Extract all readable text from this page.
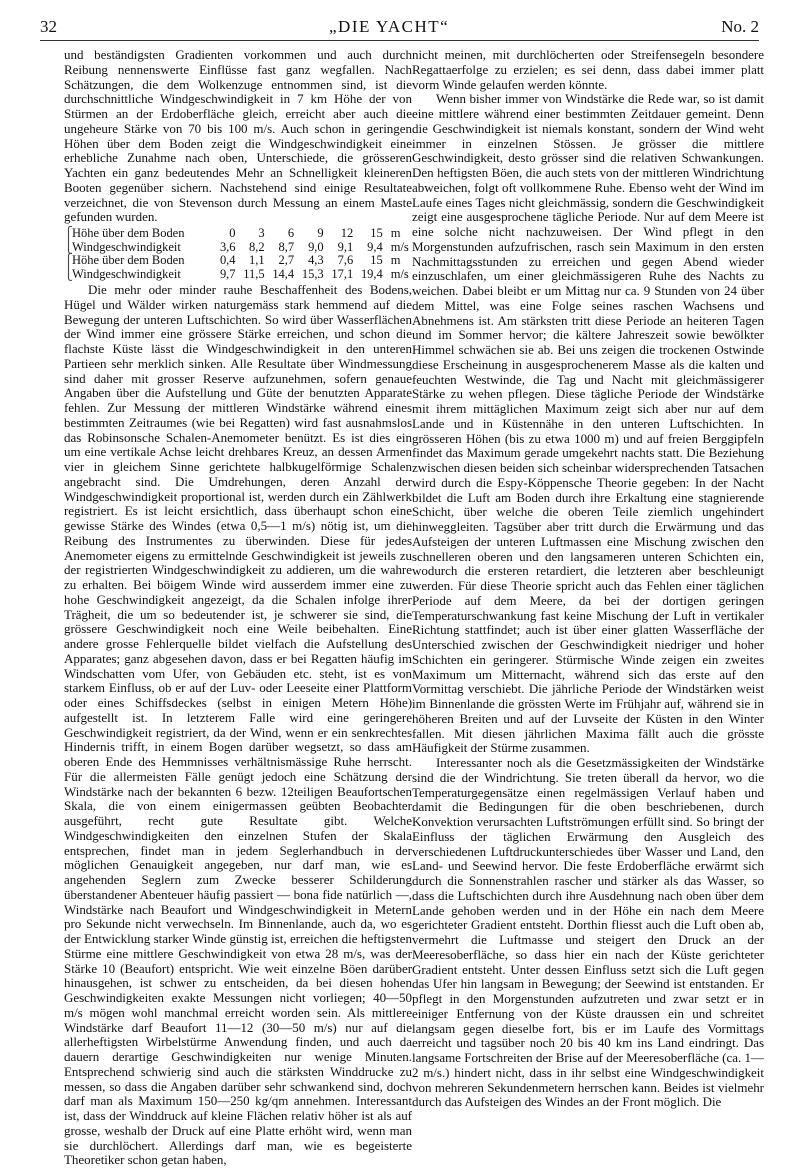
32	„DIE YACHT“	No. 2

und beständigsten Gradienten vorkommen und auch durch Reibung nennenswerte Einflüsse fast ganz wegfallen. Nach Schätzungen, die dem Wolkenzuge entnommen sind, ist die durchschnittliche Windgeschwindigkeit in 7 km Höhe der von Stürmen an der Erdoberfläche gleich, erreicht aber auch die ungeheure Stärke von 70 bis 100 m/s. Auch schon in geringen Höhen über dem Boden zeigt die Windgeschwindigkeit eine erhebliche Zunahme nach oben, Unterschiede, die grösseren Yachten ein ganz bedeutendes Mehr an Schnelligkeit kleineren Booten gegenüber sichern. Nachstehend sind einige Resultate verzeichnet, die von Stevenson durch Messung an einem Maste gefunden wurden.

⎧Höhe über dem Boden	0	3	6	9	12	15	m
⎩Windgeschwindigkeit	3,6	8,2	8,7	9,0	9,1	9,4	m/s
⎧Höhe über dem Boden	0,4	1,1	2,7	4,3	7,6	15	m
⎩Windgeschwindigkeit	9,7	11,5	14,4	15,3	17,1	19,4	m/s

Die mehr oder minder rauhe Beschaffenheit des Bodens, Hügel und Wälder wirken naturgemäss stark hemmend auf die Bewegung der unteren Luftschichten. So wird über Wasserflächen der Wind immer eine grössere Stärke erreichen, und schon die flachste Küste lässt die Windgeschwindigkeit in den unteren Partieen sehr merklich sinken. Alle Resultate über Windmessung sind daher mit grosser Reserve aufzunehmen, sofern genaue Angaben über die Aufstellung und Güte der benutzten Apparate fehlen. Zur Messung der mittleren Windstärke während eines bestimmten Zeitraumes (wie bei Regatten) wird fast ausnahmslos das Robinsonsche Schalen-Anemometer benützt. Es ist dies ein um eine vertikale Achse leicht drehbares Kreuz, an dessen Armen vier in gleichem Sinne gerichtete halbkugelförmige Schalen angebracht sind. Die Umdrehungen, deren Anzahl der Windgeschwindigkeit proportional ist, werden durch ein Zählwerk registriert. Es ist leicht ersichtlich, dass überhaupt schon eine gewisse Stärke des Windes (etwa 0,5—1 m/s) nötig ist, um die Reibung des Instrumentes zu überwinden. Diese für jedes Anemometer eigens zu ermittelnde Geschwindigkeit ist jeweils zu der registrierten Windgeschwindigkeit zu addieren, um die wahre zu erhalten. Bei böigem Winde wird ausserdem immer eine zu hohe Geschwindigkeit angezeigt, da die Schalen infolge ihrer Trägheit, die um so bedeutender ist, je schwerer sie sind, die grössere Geschwindigkeit noch eine Weile beibehalten. Eine andere grosse Fehlerquelle bildet vielfach die Aufstellung des Apparates; ganz abgesehen davon, dass er bei Regatten häufig im Windschatten vom Ufer, von Gebäuden etc. steht, ist es von starkem Einfluss, ob er auf der Luv- oder Leeseite einer Plattform oder eines Schiffsdeckes (selbst in einigen Metern Höhe) aufgestellt ist. In letzterem Falle wird eine geringere Geschwindigkeit registriert, da der Wind, wenn er ein senkrechtes Hindernis trifft, in einem Bogen darüber wegsetzt, so dass am oberen Ende des Hemmnisses verhältnismässige Ruhe herrscht. Für die allermeisten Fälle genügt jedoch eine Schätzung der Windstärke nach der bekannten 6 bezw. 12teiligen Beaufortschen Skala, die von einem einigermassen geübten Beobachter ausgeführt, recht gute Resultate gibt. Welche Windgeschwindigkeiten den einzelnen Stufen der Skala entsprechen, findet man in jedem Seglerhandbuch in der möglichen Genauigkeit angegeben, nur darf man, wie es angehenden Seglern zum Zwecke besserer Schilderung überstandener Abenteuer häufig passiert — bona fide natürlich —, Windstärke nach Beaufort und Windgeschwindigkeit in Metern pro Sekunde nicht verwechseln. Im Binnenlande, auch da, wo es der Entwicklung starker Winde günstig ist, erreichen die heftigsten Stürme eine mittlere Geschwindigkeit von etwa 28 m/s, was der Stärke 10 (Beaufort) entspricht. Wie weit einzelne Böen darüber hinausgehen, ist schwer zu entscheiden, da bei diesen hohen Geschwindigkeiten exakte Messungen nicht vorliegen; 40—50 m/s mögen wohl manchmal erreicht worden sein. Als mittlere Windstärke darf Beaufort 11—12 (30—50 m/s) nur auf die allerheftigsten Wirbelstürme Anwendung finden, und auch da dauern derartige Geschwindigkeiten nur wenige Minuten. Entsprechend schwierig sind auch die stärksten Winddrucke zu messen, so dass die Angaben darüber sehr schwankend sind, doch darf man als Maximum 150—250 kg/qm annehmen. Interessant ist, dass der Winddruck auf kleine Flächen relativ höher ist als auf grosse, weshalb der Druck auf eine Platte erhöht wird, wenn man sie durchlöchert. Allerdings darf man, wie es begeisterte Theoretiker schon getan haben,

nicht meinen, mit durchlöcherten oder Streifensegeln besondere Regattaerfolge zu erzielen; es sei denn, dass dabei immer platt vorm Winde gelaufen werden könnte.

Wenn bisher immer von Windstärke die Rede war, so ist damit eine mittlere während einer bestimmten Zeitdauer gemeint. Denn die Geschwindigkeit ist niemals konstant, sondern der Wind weht immer in einzelnen Stössen. Je grösser die mittlere Geschwindigkeit, desto grösser sind die relativen Schwankungen. Den heftigsten Böen, die auch stets von der mittleren Windrichtung abweichen, folgt oft vollkommene Ruhe. Ebenso weht der Wind im Laufe eines Tages nicht gleichmässig, sondern die Geschwindigkeit zeigt eine ausgesprochene tägliche Periode. Nur auf dem Meere ist eine solche nicht nachzuweisen. Der Wind pflegt in den Morgenstunden aufzufrischen, rasch sein Maximum in den ersten Nachmittagsstunden zu erreichen und gegen Abend wieder einzuschlafen, um einer gleichmässigeren Ruhe des Nachts zu weichen. Dabei bleibt er um Mittag nur ca. 9 Stunden von 24 über dem Mittel, was eine Folge seines raschen Wachsens und Abnehmens ist. Am stärksten tritt diese Periode an heiteren Tagen und im Sommer hervor; die kältere Jahreszeit sowie bewölkter Himmel schwächen sie ab. Bei uns zeigen die trockenen Ostwinde diese Erscheinung in ausgesprochenerem Masse als die kalten und feuchten Westwinde, die Tag und Nacht mit gleichmässigerer Stärke zu wehen pflegen. Diese tägliche Periode der Windstärke mit ihrem mittäglichen Maximum zeigt sich aber nur auf dem Lande und in Küstennähe in den unteren Luftschichten. In grösseren Höhen (bis zu etwa 1000 m) und auf freien Berggipfeln findet das Maximum gerade umgekehrt nachts statt. Die Beziehung zwischen diesen beiden sich scheinbar widersprechenden Tatsachen wird durch die Espy-Köppensche Theorie gegeben: In der Nacht bildet die Luft am Boden durch ihre Erkaltung eine stagnierende Schicht, über welche die oberen Teile ziemlich ungehindert hinweggleiten. Tagsüber aber tritt durch die Erwärmung und das Aufsteigen der unteren Luftmassen eine Mischung zwischen den schnelleren oberen und den langsameren unteren Schichten ein, wodurch die ersteren retardiert, die letzteren aber beschleunigt werden. Für diese Theorie spricht auch das Fehlen einer täglichen Periode auf dem Meere, da bei der dortigen geringen Temperaturschwankung fast keine Mischung der Luft in vertikaler Richtung stattfindet; auch ist über einer glatten Wasserfläche der Unterschied zwischen der Geschwindigkeit niedriger und hoher Schichten ein geringerer. Stürmische Winde zeigen ein zweites Maximum um Mitternacht, während sich das erste auf den Vormittag verschiebt. Die jährliche Periode der Windstärken weist im Binnenlande die grössten Werte im Frühjahr auf, während sie in höheren Breiten und auf der Luvseite der Küsten in den Winter fallen. Mit diesen jährlichen Maxima fällt auch die grösste Häufigkeit der Stürme zusammen.

Interessanter noch als die Gesetzmässigkeiten der Windstärke sind die der Windrichtung. Sie treten überall da hervor, wo die Temperaturgegensätze einen regelmässigen Verlauf haben und damit die Bedingungen für die oben beschriebenen, durch Konvektion verursachten Luftströmungen erfüllt sind. So bringt der Einfluss der täglichen Erwärmung den Ausgleich des verschiedenen Luftdruckunterschiedes über Wasser und Land, den Land- und Seewind hervor. Die feste Erdoberfläche erwärmt sich durch die Sonnenstrahlen rascher und stärker als das Wasser, so dass die Luftschichten durch ihre Ausdehnung nach oben über dem Lande gehoben werden und in der Höhe ein nach dem Meere gerichteter Gradient entsteht. Dorthin fliesst auch die Luft oben ab, vermehrt die Luftmasse und steigert den Druck an der Meeresoberfläche, so dass hier ein nach der Küste gerichteter Gradient entsteht. Unter dessen Einfluss setzt sich die Luft gegen das Ufer hin langsam in Bewegung; der Seewind ist entstanden. Er pflegt in den Morgenstunden aufzutreten und zwar setzt er in einiger Entfernung von der Küste draussen ein und schreitet langsam gegen dieselbe fort, bis er im Laufe des Vormittags erreicht und tagsüber noch 20 bis 40 km ins Land eindringt. Das langsame Fortschreiten der Brise auf der Meeresoberfläche (ca. 1—2 m/s.) hindert nicht, dass in ihr selbst eine Windgeschwindigkeit von mehreren Sekundenmetern herrschen kann. Beides ist vielmehr durch das Aufsteigen des Windes an der Front möglich. Die
